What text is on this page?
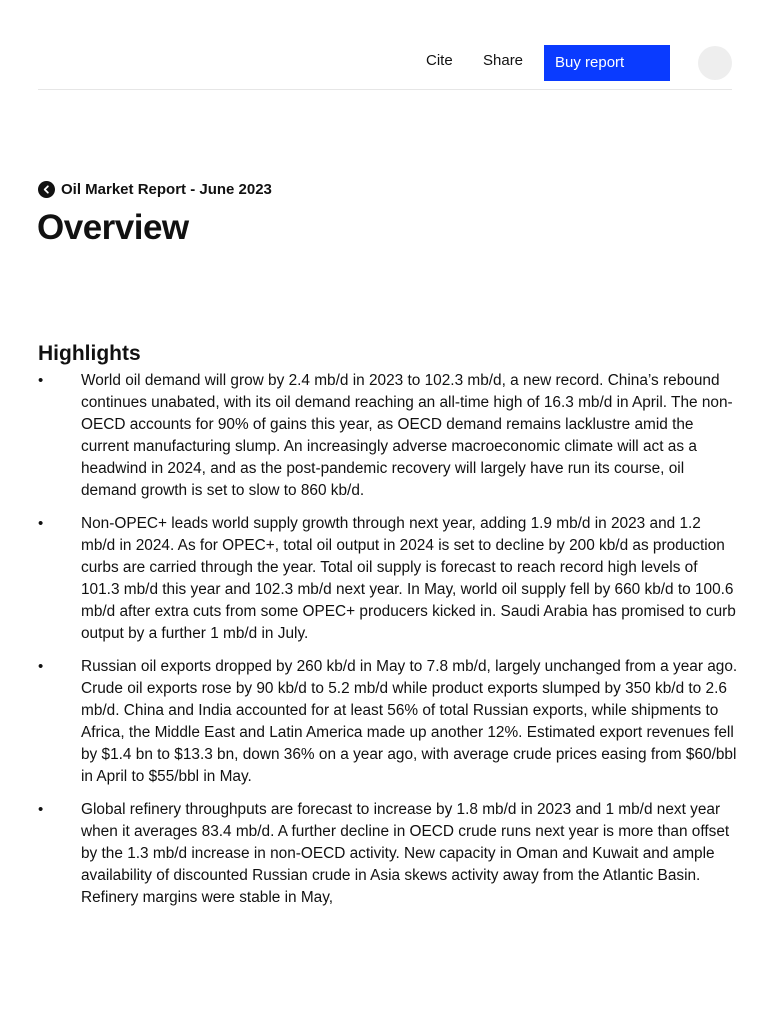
Cite Share	Buy report
Oil Market Report - June 2023
Overview
Highlights
• World oil demand will grow by 2.4 mb/d in 2023 to 102.3 mb/d, a new record. China’s rebound continues unabated, with its oil demand reaching an all-time high of 16.3 mb/d in April. The non-OECD accounts for 90% of gains this year, as OECD demand remains lacklustre amid the current manufacturing slump. An increasingly adverse macroeconomic climate will act as a headwind in 2024, and as the post-pandemic recovery will largely have run its course, oil demand growth is set to slow to 860 kb/d.
• Non-OPEC+ leads world supply growth through next year, adding 1.9 mb/d in 2023 and 1.2 mb/d in 2024. As for OPEC+, total oil output in 2024 is set to decline by 200 kb/d as production curbs are carried through the year. Total oil supply is forecast to reach record high levels of 101.3 mb/d this year and 102.3 mb/d next year. In May, world oil supply fell by 660 kb/d to 100.6 mb/d after extra cuts from some OPEC+ producers kicked in. Saudi Arabia has promised to curb output by a further 1 mb/d in July.
• Russian oil exports dropped by 260 kb/d in May to 7.8 mb/d, largely unchanged from a year ago. Crude oil exports rose by 90 kb/d to 5.2 mb/d while product exports slumped by 350 kb/d to 2.6 mb/d. China and India accounted for at least 56% of total Russian exports, while shipments to Africa, the Middle East and Latin America made up another 12%. Estimated export revenues fell by $1.4 bn to $13.3 bn, down 36% on a year ago, with average crude prices easing from $60/bbl in April to $55/bbl in May.
• Global refinery throughputs are forecast to increase by 1.8 mb/d in 2023 and 1 mb/d next year when it averages 83.4 mb/d. A further decline in OECD crude runs next year is more than offset by the 1.3 mb/d increase in non-OECD activity. New capacity in Oman and Kuwait and ample availability of discounted Russian crude in Asia skews activity away from the Atlantic Basin. Refinery margins were stable in May,
